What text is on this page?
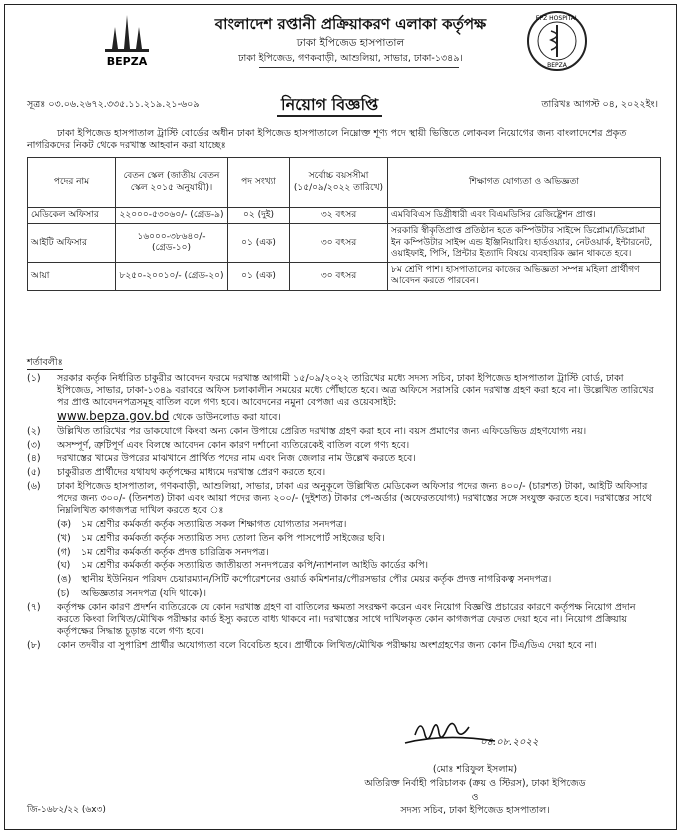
BEPZA
বাংলাদেশ রপ্তানী প্রক্রিয়াকরণ এলাকা কর্তৃপক্ষ
ঢাকা ইপিজেড হাসপাতাল
ঢাকা ইপিজেড, গণকবাড়ী, আশুলিয়া, সাভার, ঢাকা-১৩৪৯।
EPZ HOSPITAL
BEPZA
সূত্রঃ ০৩.০৬.২৬৭২.৩৩৫.১১.২১৯.২১-৬০৯	নিয়োগ বিজ্ঞপ্তি	তারিখঃ আগস্ট ০৪, ২০২২ইং।
ঢাকা ইপিজেড হাসপাতাল ট্রাস্টি বোর্ডের অধীন ঢাকা ইপিজেড হাসপাতালে নিম্নোক্ত শূণ্য পদে স্থায়ী ভিত্তিতে লোকবল নিয়োগের জন্য বাংলাদেশের প্রকৃত নাগরিকদের নিকট থেকে দরখাস্ত আহবান করা যাচ্ছেঃ
পদের নাম	বেতন স্কেল (জাতীয় বেতন স্কেল ২০১৫ অনুযায়ী)।	পদ সংখ্যা	সর্বোচ্চ বয়সসীমা (১৫/০৯/২০২২ তারিখে)	শিক্ষাগত যোগ্যতা ও অভিজ্ঞতা
মেডিকেল অফিসার	২২০০০-৫৩০৬০/- (গ্রেড-৯)	০২ (দুই)	৩২ বৎসর	এমবিবিএস ডিগ্রীধারী এবং বিএমডিসির রেজিষ্ট্রেশন প্রাপ্ত।
আইটি অফিসার	১৬০০০-৩৮৬৪০/- (গ্রেড-১০)	০১ (এক)	৩০ বৎসর	সরকারি স্বীকৃতিপ্রাপ্ত প্রতিষ্ঠান হতে কম্পিউটার সাইন্সে ডিপ্লোমা/ডিপ্লোমা ইন কম্পিউটার সাইন্স এন্ড ইঞ্জিনিয়ারিং। হার্ডওয়্যার, নেটওয়ার্ক, ইন্টারনেট, ওয়াইফাই, পিসি, প্রিন্টার ইত্যাদি বিষয়ে ব্যবহারিক জ্ঞান থাকতে হবে।
আয়া	৮২৫০-২০০১০/- (গ্রেড-২০)	০১ (এক)	৩০ বৎসর	৮ম শ্রেণি পাশ। হাসপাতালের কাজের অভিজ্ঞতা সম্পন্ন মহিলা প্রার্থীগণ আবেদন করতে পারবেন।
শর্তাবলীঃ
(১)	সরকার কর্তৃক নির্ধারিত চাকুরীর আবেদন ফরমে দরখাস্ত আগামী ১৫/০৯/২০২২ তারিখের মধ্যে সদস্য সচিব, ঢাকা ইপিজেড হাসপাতাল ট্রাস্টি বোর্ড, ঢাকা ইপিজেড, সাভার, ঢাকা-১৩৪৯ বরাবরে অফিস চলাকালীন সময়ের মধ্যে পৌঁছাতে হবে। অত্র অফিসে সরাসরি কোন দরখাস্ত গ্রহণ করা হবে না। উল্লেখিত তারিখের পর প্রাপ্ত আবেদনপত্রসমূহ বাতিল বলে গণ্য হবে। আবেদনের নমুনা বেপজা এর ওয়েবসাইট:
www.bepza.gov.bd থেকে ডাউনলোড করা যাবে।
(২)	উল্লিখিত তারিখের পর ডাকযোগে কিংবা অন্য কোন উপায়ে প্রেরিত দরখাস্ত গ্রহণ করা হবে না। বয়স প্রমাণের জন্য এফিডেভিড গ্রহণযোগ্য নয়।
(৩)	অসম্পূর্ণ, ত্রুটিপূর্ণ এবং বিলম্বে আবেদন কোন কারণ দর্শানো ব্যতিরেকেই বাতিল বলে গণ্য হবে।
(৪)	দরখাস্তের খামের উপরের মাঝখানে প্রার্থিত পদের নাম এবং নিজ জেলার নাম উল্লেখ করতে হবে।
(৫)	চাকুরীরত প্রার্থীদের যথাযথ কর্তৃপক্ষের মাধ্যমে দরখাস্ত প্রেরণ করতে হবে।
(৬)	ঢাকা ইপিজেড হাসপাতাল, গণকবাড়ী, আশুলিয়া, সাভার, ঢাকা এর অনুকূলে উল্লিখিত মেডিকেল অফিসার পদের জন্য ৪০০/- (চারশত) টাকা, আইটি অফিসার পদের জন্য ৩০০/- (তিনশত) টাকা এবং আয়া পদের জন্য ২০০/- (দুইশত) টাকার পে-অর্ডার (অফেরতযোগ্য) দরখাস্তের সঙ্গে সংযুক্ত করতে হবে। দরখাস্তের সাথে নিম্নলিখিত কাগজপত্র দাখিল করতে হবে ঃ
(ক)	১ম শ্রেণীর কর্মকর্তা কর্তৃক সত্যায়িত সকল শিক্ষাগত যোগ্যতার সনদপত্র।
(খ)	১ম শ্রেণীর কর্মকর্তা কর্তৃক সত্যায়িত সদ্য তোলা তিন কপি পাসপোর্ট সাইজের ছবি।
(গ)	১ম শ্রেণীর কর্মকর্তা কর্তৃক প্রদত্ত চারিত্রিক সনদপত্র।
(ঘ)	১ম শ্রেণীর কর্মকর্তা কর্তৃক সত্যায়িত জাতীয়তা সনদপত্রের কপি/ন্যাশনাল আইডি কার্ডের কপি।
(ঙ)	স্থানীয় ইউনিয়ন পরিষদ চেয়ারম্যান/সিটি কর্পোরেশনের ওয়ার্ড কমিশনার/পৌরসভার পৌর মেয়র কর্তৃক প্রদত্ত নাগরিকত্ব সনদপত্র।
(চ)	অভিজ্ঞতার সনদপত্র (যদি থাকে)।
(৭)	কর্তৃপক্ষ কোন কারণ প্রদর্শন ব্যতিরেকে যে কোন দরখাস্ত গ্রহণ বা বাতিলের ক্ষমতা সংরক্ষণ করেন এবং নিয়োগ বিজ্ঞপ্তি প্রচারের কারণে কর্তৃপক্ষ নিয়োগ প্রদান করতে কিংবা লিখিত/মৌখিক পরীক্ষার কার্ড ইস্যু করতে বাধ্য থাকবে না। দরখাস্তের সাথে দাখিলকৃত কোন কাগজপত্র ফেরত দেয়া হবে না। নিয়োগ প্রক্রিয়ায় কর্তৃপক্ষের সিদ্ধান্ত চূড়ান্ত বলে গণ্য হবে।
(৮)	কোন তদবীর বা সুপারিশ প্রার্থীর অযোগ্যতা বলে বিবেচিত হবে। প্রার্থীকে লিখিত/মৌখিক পরীক্ষায় অংশগ্রহণের জন্য কোন টিএ/ডিএ দেয়া হবে না।
০৪.০৮.২০২২
(মোঃ শরিফুল ইসলাম)
অতিরিক্ত নির্বাহী পরিচালক (ক্রয় ও স্টিরস), ঢাকা ইপিজেড
ও
সদস্য সচিব, ঢাকা ইপিজেড হাসপাতাল।
জি-১৬৮২/২২ (৬x৩)
